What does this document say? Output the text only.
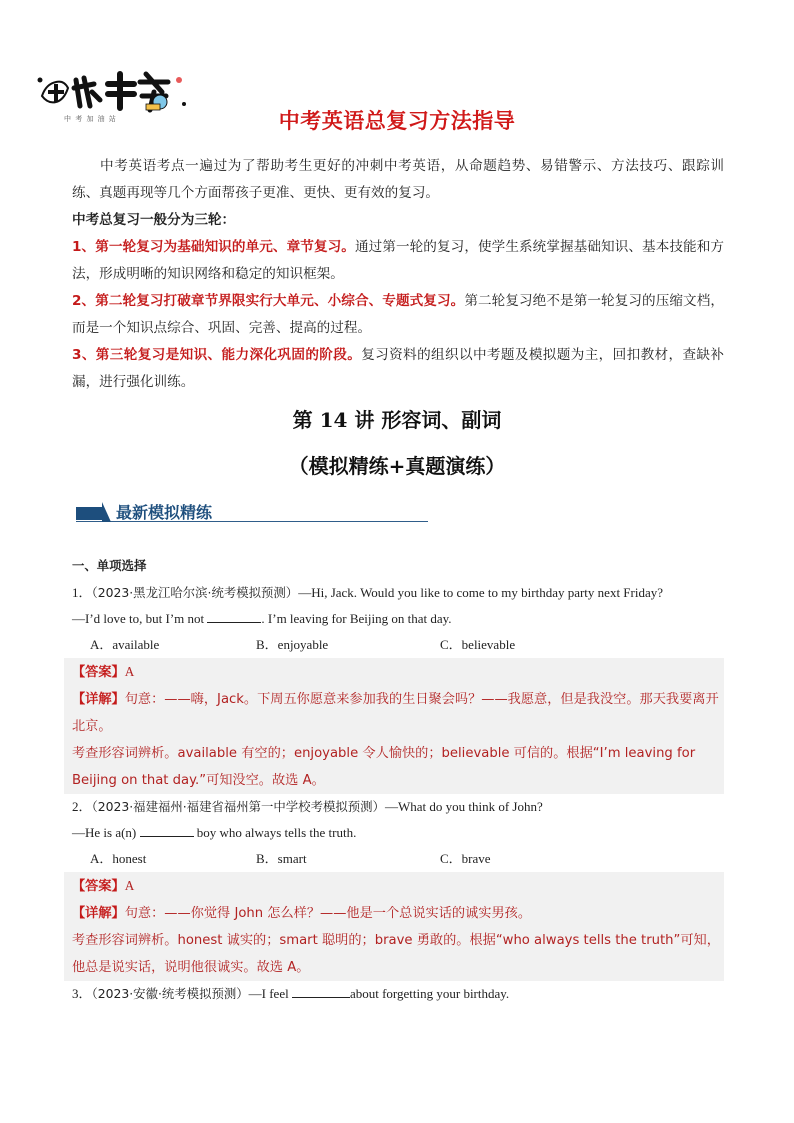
中 考 加 油 站	中考英语总复习方法指导

中考英语考点一遍过为了帮助考生更好的冲刺中考英语，从命题趋势、易错警示、方法技巧、跟踪训练、真题再现等几个方面帮孩子更准、更快、更有效的复习。

中考总复习一般分为三轮：

1、第一轮复习为基础知识的单元、章节复习。通过第一轮的复习，使学生系统掌握基础知识、基本技能和方法，形成明晰的知识网络和稳定的知识框架。

2、第二轮复习打破章节界限实行大单元、小综合、专题式复习。第二轮复习绝不是第一轮复习的压缩文档，而是一个知识点综合、巩固、完善、提高的过程。

3、第三轮复习是知识、能力深化巩固的阶段。复习资料的组织以中考题及模拟题为主，回扣教材，查缺补漏，进行强化训练。

第 14 讲 形容词、副词
（模拟精练+真题演练）
最新模拟精练
一、单项选择
1．（2023·黑龙江哈尔滨·统考模拟预测）—Hi, Jack. Would you like to come to my birthday party next Friday?
—I’d love to, but I’m not	. I’m leaving for Beijing on that day.
A．available	B．enjoyable	C．believable
【答案】A
【详解】句意：——嗨，Jack。下周五你愿意来参加我的生日聚会吗？——我愿意，但是我没空。那天我要离开北京。
考查形容词辨析。available 有空的；enjoyable 令人愉快的；believable 可信的。根据“I’m leaving for Beijing on that day.”可知没空。故选 A。
2．（2023·福建福州·福建省福州第一中学校考模拟预测）—What do you think of John?
—He is a(n)	boy who always tells the truth.
A．honest	B．smart	C．brave
【答案】A
【详解】句意：——你觉得 John 怎么样？——他是一个总说实话的诚实男孩。
考查形容词辨析。honest 诚实的；smart 聪明的；brave 勇敢的。根据“who always tells the truth”可知，他总是说实话，说明他很诚实。故选 A。
3．（2023·安徽·统考模拟预测）—I feel	about forgetting your birthday.
